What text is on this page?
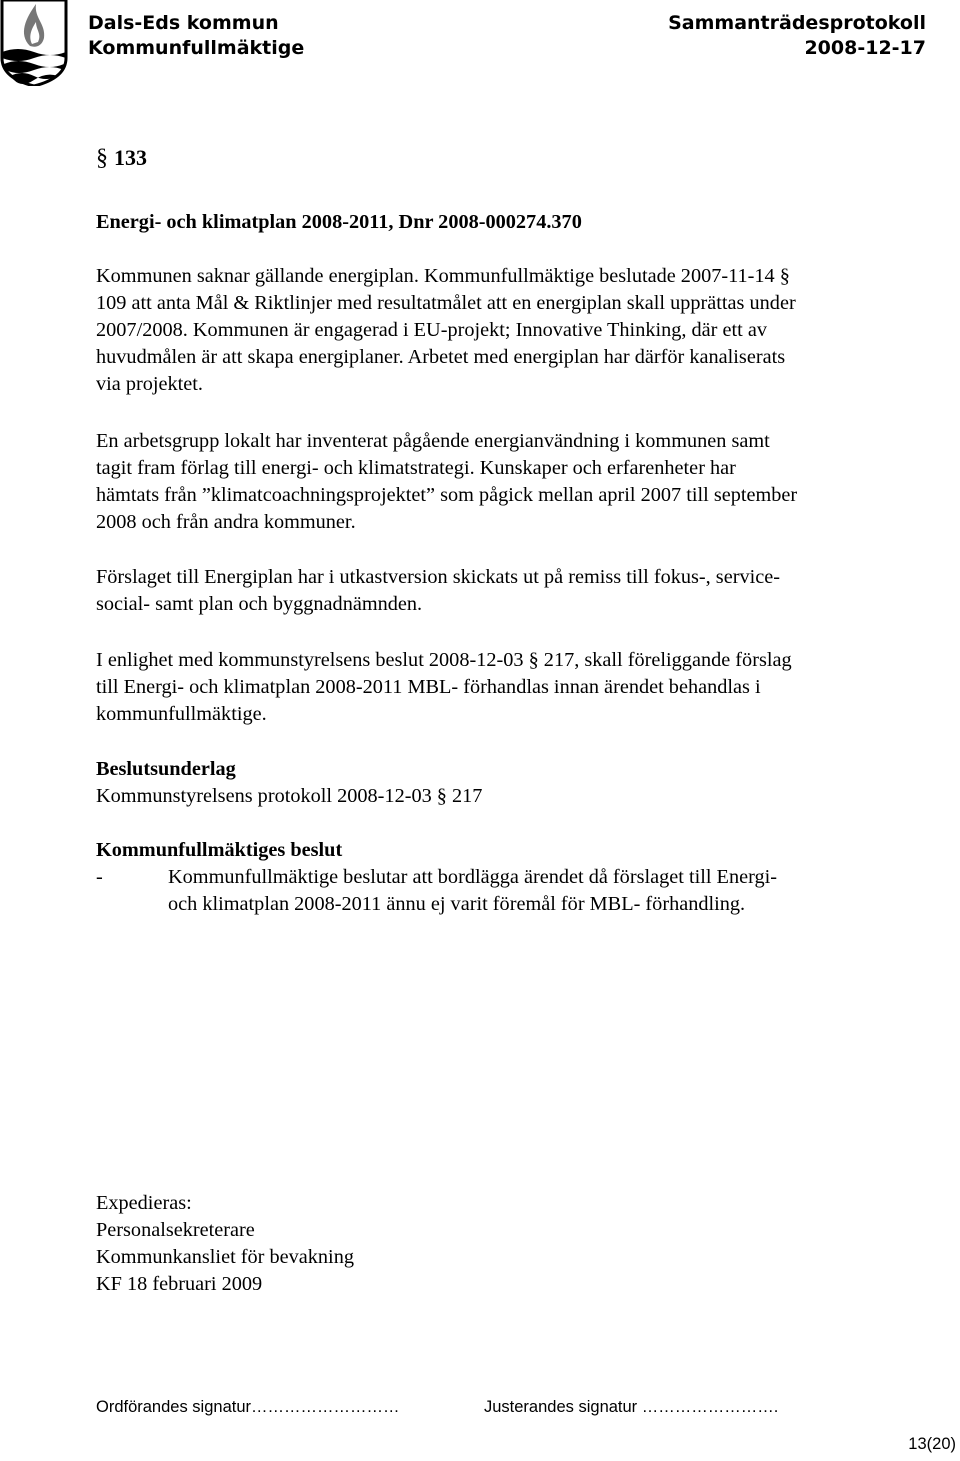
Dals-Eds kommun
Kommunfullmäktige
Sammanträdesprotokoll
2008-12-17
§ 133
Energi- och klimatplan 2008-2011, Dnr 2008-000274.370
Kommunen saknar gällande energiplan. Kommunfullmäktige beslutade 2007-11-14 §
109 att anta Mål & Riktlinjer med resultatmålet att en energiplan skall upprättas under
2007/2008. Kommunen är engagerad i EU-projekt; Innovative Thinking, där ett av
huvudmålen är att skapa energiplaner. Arbetet med energiplan har därför kanaliserats
via projektet.
En arbetsgrupp lokalt har inventerat pågående energianvändning i kommunen samt
tagit fram förlag till energi- och klimatstrategi. Kunskaper och erfarenheter har
hämtats från ”klimatcoachningsprojektet” som pågick mellan april 2007 till september
2008 och från andra kommuner.
Förslaget till Energiplan har i utkastversion skickats ut på remiss till fokus-, service-
social- samt plan och byggnadnämnden.
I enlighet med kommunstyrelsens beslut 2008-12-03 § 217, skall föreliggande förslag
till Energi- och klimatplan 2008-2011 MBL- förhandlas innan ärendet behandlas i
kommunfullmäktige.
Beslutsunderlag
Kommunstyrelsens protokoll 2008-12-03 § 217
Kommunfullmäktiges beslut
-	Kommunfullmäktige beslutar att bordlägga ärendet då förslaget till Energi-
och klimatplan 2008-2011 ännu ej varit föremål för MBL- förhandling.
Expedieras:
Personalsekreterare
Kommunkansliet för bevakning
KF 18 februari 2009
Ordförandes signatur………………………	Justerandes signatur …………………….
13(20)
